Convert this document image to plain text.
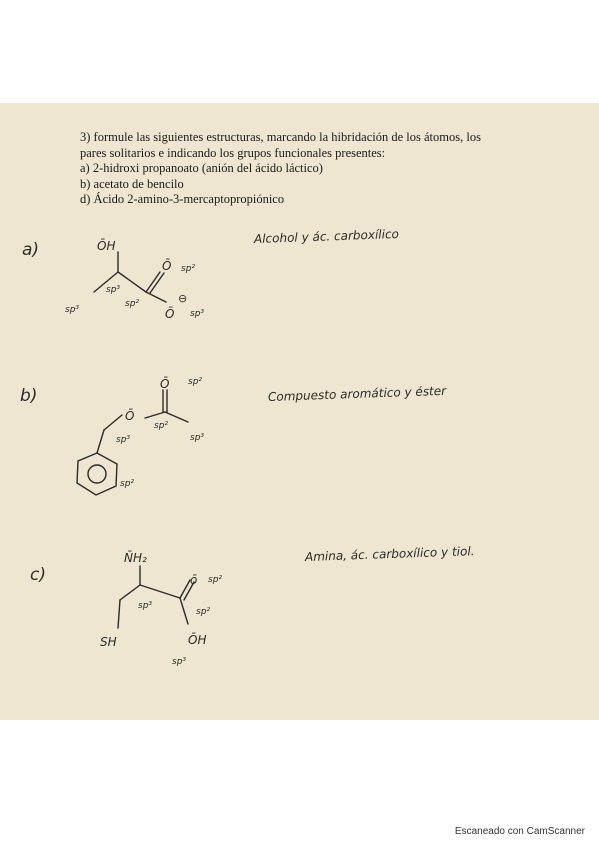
3) formule las siguientes estructuras, marcando la hibridación de los átomos, los
pares solitarios e indicando los grupos funcionales presentes:
a) 2-hidroxi propanoato (anión del ácido láctico)
b) acetato de bencilo
d) Ácido 2-amino-3-mercaptopropiónico
a)
Alcohol y ác. carboxílico
b)	Compuesto aromático y éster
c)
Amina, ác. carboxílico y tiol.
ŌH
sp³
sp²
sp³
Ō sp²
Ō
⊖
sp³
Ō sp²
Ō
sp³
sp²
sp³
sp²
N̄H₂
sp³
ō sp²
sp²
SH	ŌH
sp³
Escaneado con CamScanner
